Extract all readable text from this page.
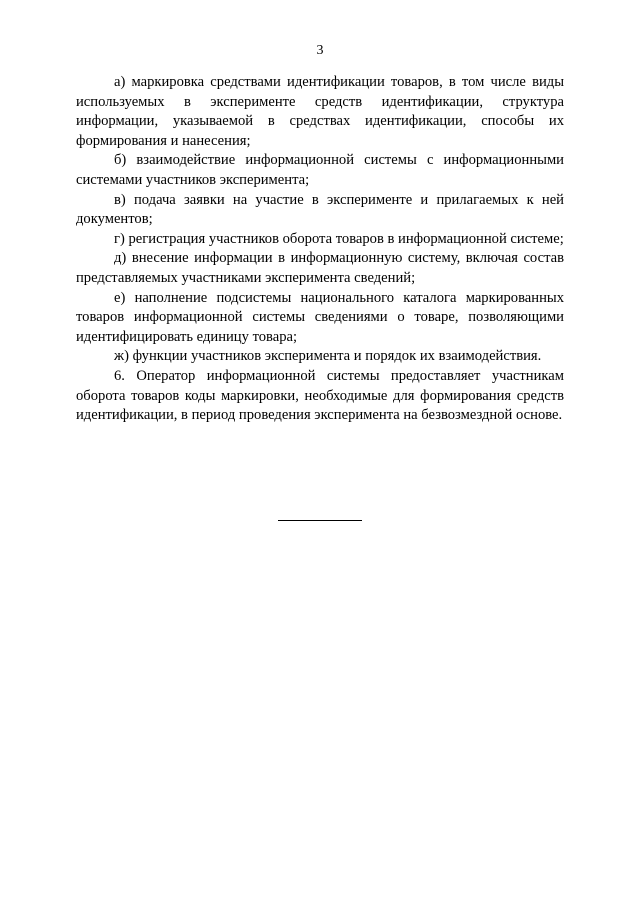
3

а) маркировка средствами идентификации товаров, в том числе виды используемых в эксперименте средств идентификации, структура информации, указываемой в средствах идентификации, способы их формирования и нанесения;

б) взаимодействие информационной системы с информационными системами участников эксперимента;

в) подача заявки на участие в эксперименте и прилагаемых к ней документов;

г) регистрация участников оборота товаров в информационной системе;

д) внесение информации в информационную систему, включая состав представляемых участниками эксперимента сведений;

е) наполнение подсистемы национального каталога маркированных товаров информационной системы сведениями о товаре, позволяющими идентифицировать единицу товара;

ж) функции участников эксперимента и порядок их взаимодействия.

6. Оператор информационной системы предоставляет участникам оборота товаров коды маркировки, необходимые для формирования средств идентификации, в период проведения эксперимента на безвозмездной основе.
